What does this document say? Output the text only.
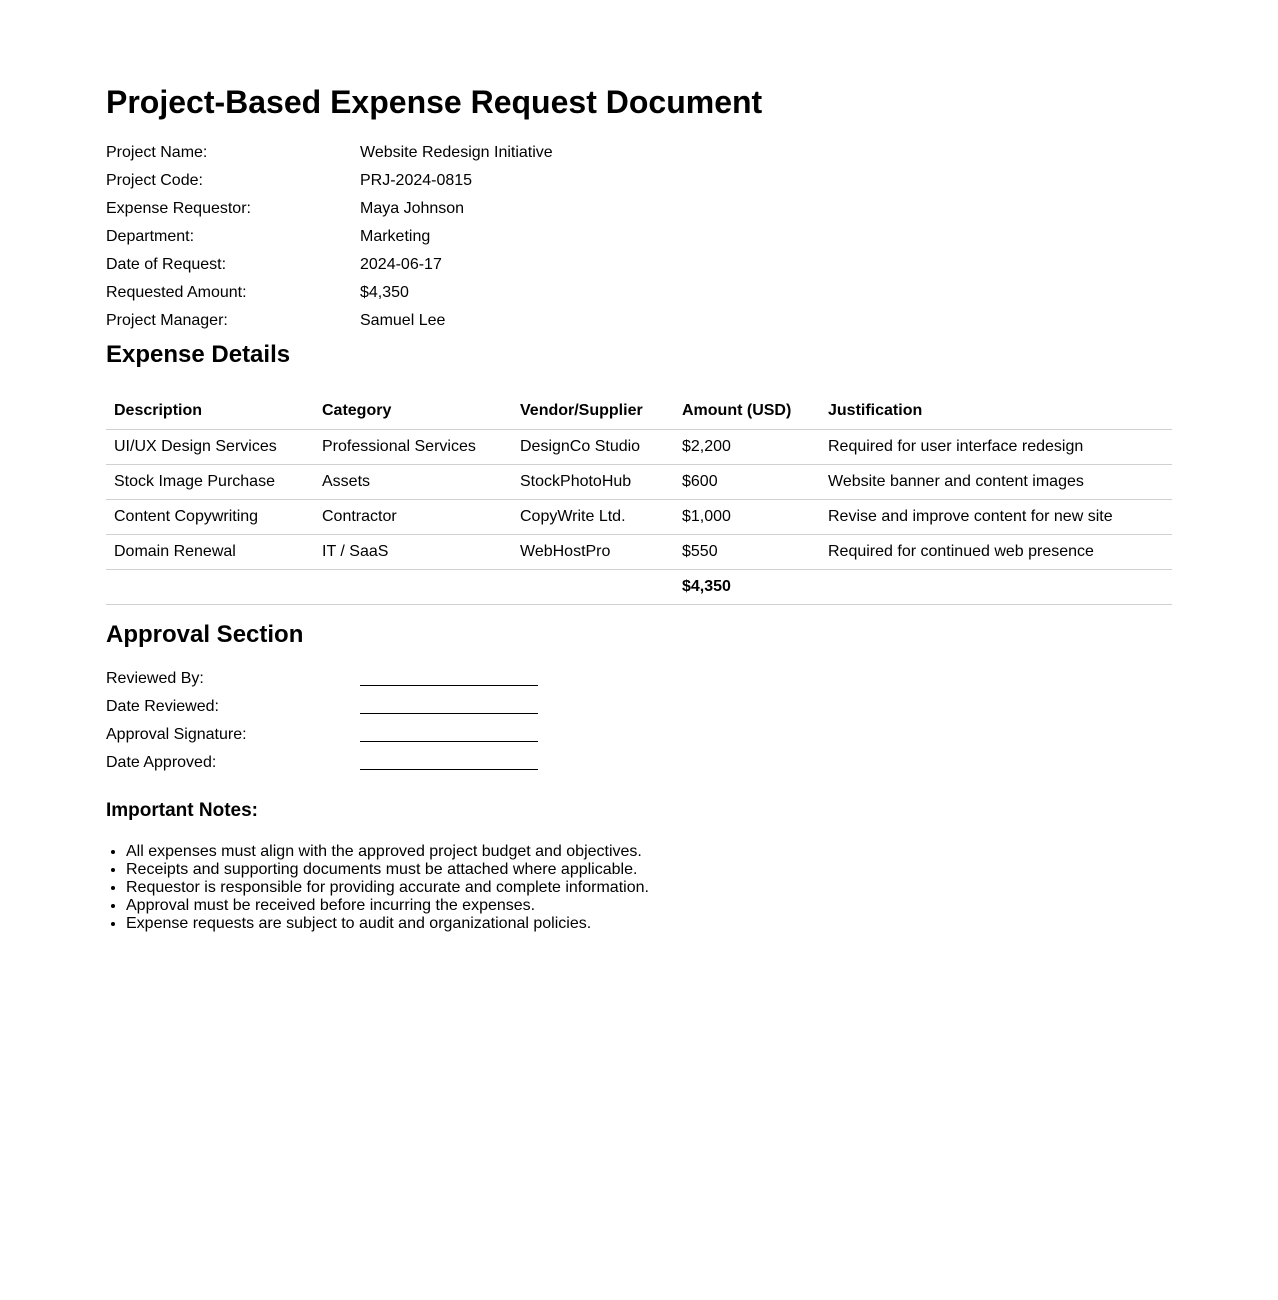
Project-Based Expense Request Document
Project Name:	Website Redesign Initiative
Project Code:	PRJ-2024-0815
Expense Requestor:	Maya Johnson
Department:	Marketing
Date of Request:	2024-06-17
Requested Amount:	$4,350
Project Manager:	Samuel Lee
Expense Details
Description	Category	Vendor/Supplier	Amount (USD)	Justification
UI/UX Design Services	Professional Services	DesignCo Studio	$2,200	Required for user interface redesign
Stock Image Purchase	Assets	StockPhotoHub	$600	Website banner and content images
Content Copywriting	Contractor	CopyWrite Ltd.	$1,000	Revise and improve content for new site
Domain Renewal	IT / SaaS	WebHostPro	$550	Required for continued web presence
			$4,350	
Approval Section
Reviewed By:
Date Reviewed:
Approval Signature:
Date Approved:
Important Notes:
• All expenses must align with the approved project budget and objectives.
• Receipts and supporting documents must be attached where applicable.
• Requestor is responsible for providing accurate and complete information.
• Approval must be received before incurring the expenses.
• Expense requests are subject to audit and organizational policies.
